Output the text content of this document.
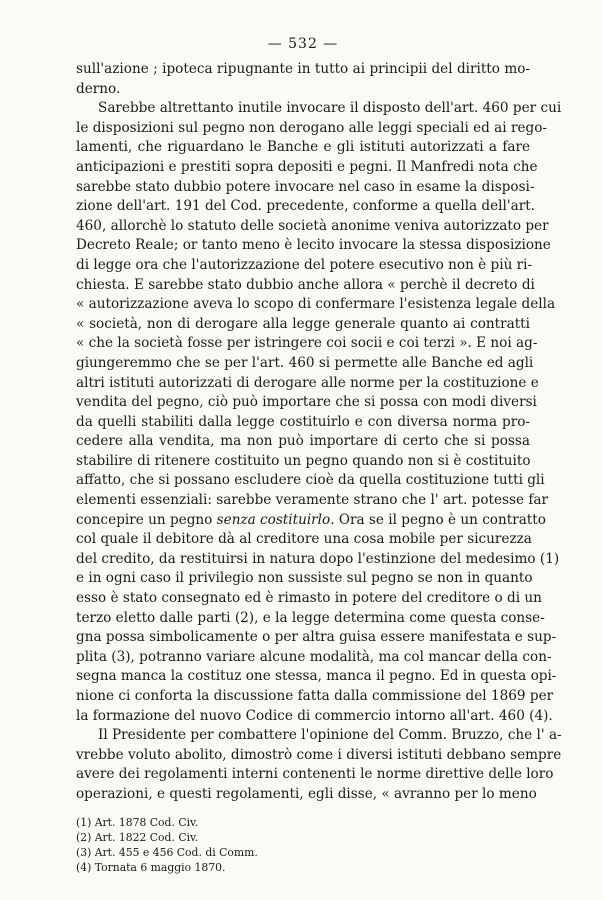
— 532 —
sull'azione ; ipoteca ripugnante in tutto ai principii del diritto mo-
derno.
Sarebbe altrettanto inutile invocare il disposto dell'art. 460 per cui
le disposizioni sul pegno non derogano alle leggi speciali ed ai rego-
lamenti, che riguardano le Banche e gli istituti autorizzati a fare
anticipazioni e prestiti sopra depositi e pegni. Il Manfredi nota che
sarebbe stato dubbio potere invocare nel caso in esame la disposi-
zione dell'art. 191 del Cod. precedente, conforme a quella dell'art.
460, allorchè lo statuto delle società anonime veniva autorizzato per
Decreto Reale; or tanto meno è lecito invocare la stessa disposizione
di legge ora che l'autorizzazione del potere esecutivo non è più ri-
chiesta. E sarebbe stato dubbio anche allora « perchè il decreto di
« autorizzazione aveva lo scopo di confermare l'esistenza legale della
« società, non di derogare alla legge generale quanto ai contratti
« che la società fosse per istringere coi socii e coi terzi ». E noi ag-
giungeremmo che se per l'art. 460 si permette alle Banche ed agli
altri istituti autorizzati di derogare alle norme per la costituzione e
vendita del pegno, ciò può importare che si possa con modi diversi
da quelli stabiliti dalla legge costituirlo e con diversa norma pro-
cedere alla vendita, ma non può importare di certo che si possa
stabilire di ritenere costituito un pegno quando non si è costituito
affatto, che si possano escludere cioè da quella costituzione tutti gli
elementi essenziali: sarebbe veramente strano che l' art. potesse far
concepire un pegno senza costituirlo. Ora se il pegno è un contratto
col quale il debitore dà al creditore una cosa mobile per sicurezza
del credito, da restituirsi in natura dopo l'estinzione del medesimo (1)
e in ogni caso il privilegio non sussiste sul pegno se non in quanto
esso è stato consegnato ed è rimasto in potere del creditore o di un
terzo eletto dalle parti (2), e la legge determina come questa conse-
gna possa simbolicamente o per altra guisa essere manifestata e sup-
plita (3), potranno variare alcune modalità, ma col mancar della con-
segna manca la costituz one stessa, manca il pegno. Ed in questa opi-
nione ci conforta la discussione fatta dalla commissione del 1869 per
la formazione del nuovo Codice di commercio intorno all'art. 460 (4).
Il Presidente per combattere l'opinione del Comm. Bruzzo, che l' a-
vrebbe voluto abolito, dimostrò come i diversi istituti debbano sempre
avere dei regolamenti interni contenenti le norme direttive delle loro
operazioni, e questi regolamenti, egli disse, « avranno per lo meno
(1) Art. 1878 Cod. Civ.
(2) Art. 1822 Cod. Civ.
(3) Art. 455 e 456 Cod. di Comm.
(4) Tornata 6 maggio 1870.
